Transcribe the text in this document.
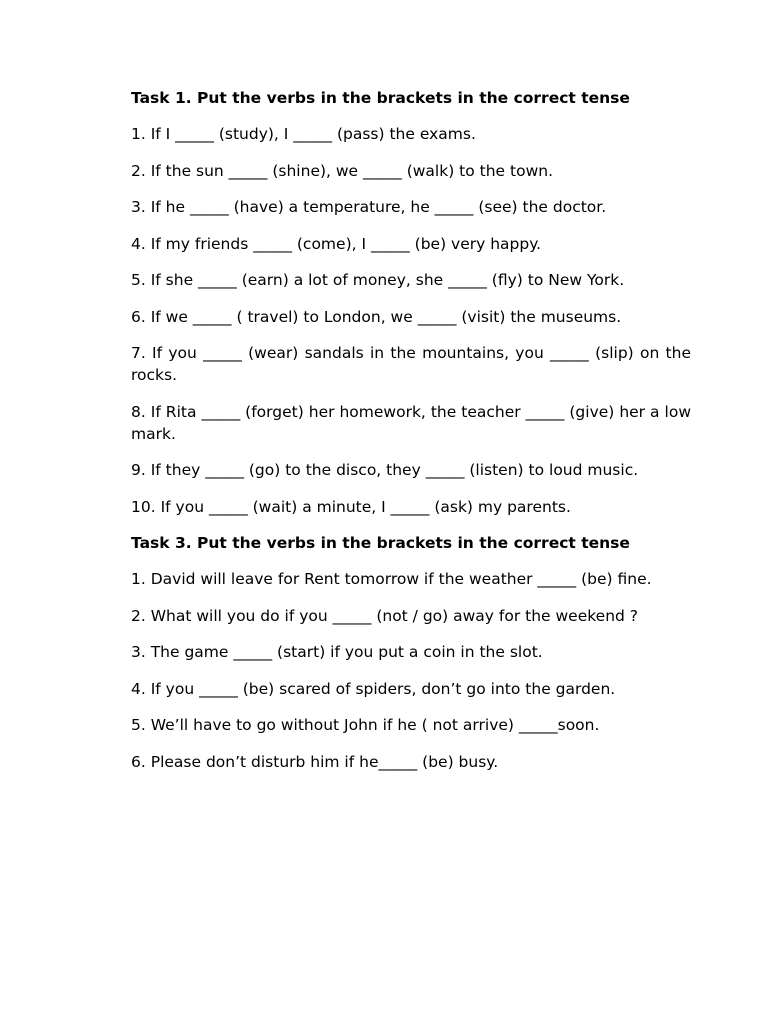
Task 1. Put the verbs in the brackets in the correct tense
1. If I _____ (study), I _____ (pass) the exams.
2. If the sun _____ (shine), we _____ (walk) to the town.
3. If he _____ (have) a temperature, he _____ (see) the doctor.
4. If my friends _____ (come), I _____ (be) very happy.
5. If she _____ (earn) a lot of money, she _____ (fly) to New York.
6. If we _____ ( travel) to London, we _____ (visit) the museums.
7. If you _____ (wear) sandals in the mountains, you _____ (slip) on the rocks.
8. If Rita _____ (forget) her homework, the teacher _____ (give) her a low mark.
9. If they _____ (go) to the disco, they _____ (listen) to loud music.
10. If you _____ (wait) a minute, I _____ (ask) my parents.
Task 3. Put the verbs in the brackets in the correct tense
1. David will leave for Rent tomorrow if the weather _____ (be) fine.
2. What will you do if you _____ (not / go) away for the weekend ?
3. The game _____ (start) if you put a coin in the slot.
4. If you _____ (be) scared of spiders, don’t go into the garden.
5. We’ll have to go without John if he ( not arrive) _____soon.
6. Please don’t disturb him if he_____ (be) busy.
